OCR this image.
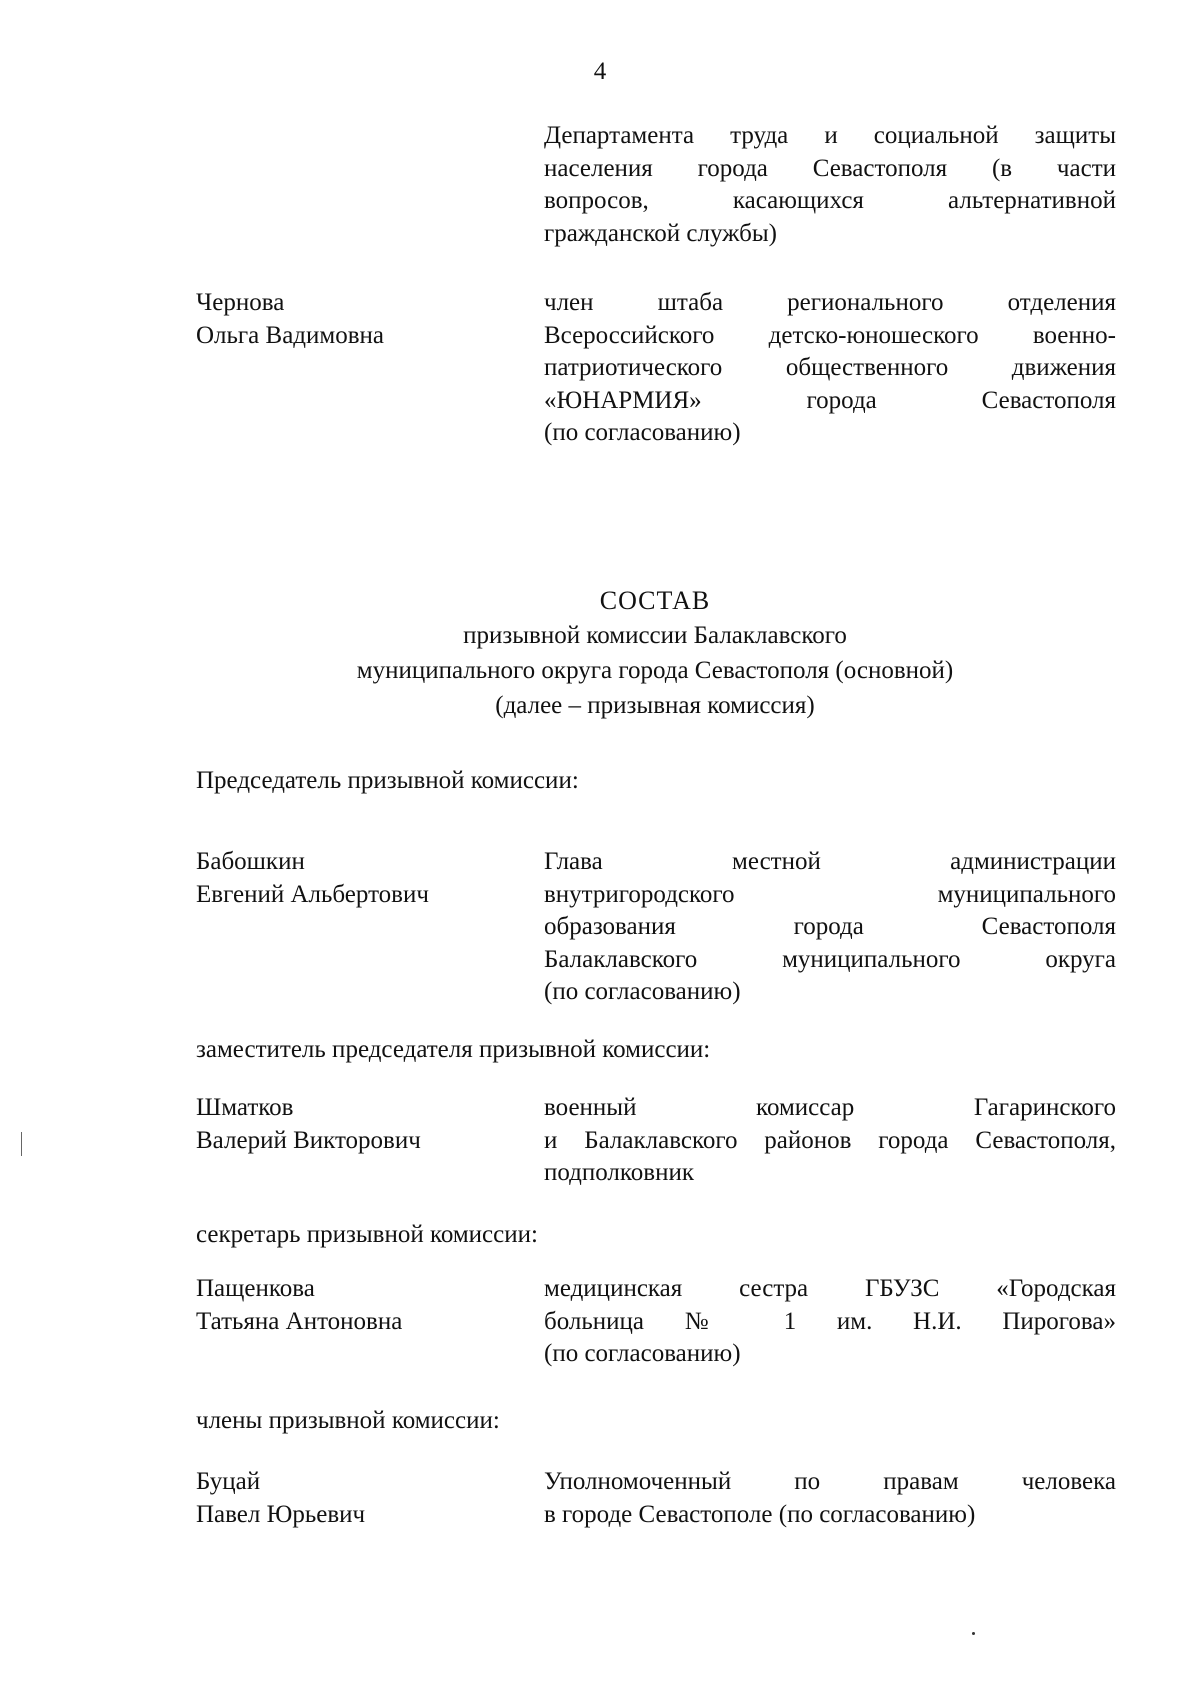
4
Департамента труда и социальной защиты
населения города Севастополя (в части
вопросов, касающихся альтернативной
гражданской службы)
Чернова
Ольга Вадимовна
член штаба регионального отделения
Всероссийского детско-юношеского военно-
патриотического общественного движения
«ЮНАРМИЯ» города Севастополя
(по согласованию)
СОСТАВ
призывной комиссии Балаклавского
муниципального округа города Севастополя (основной)
(далее – призывная комиссия)
Председатель призывной комиссии:
Бабошкин
Евгений Альбертович
Глава местной администрации
внутригородского муниципального
образования города Севастополя
Балаклавского муниципального округа
(по согласованию)
заместитель председателя призывной комиссии:
Шматков
Валерий Викторович
военный комиссар Гагаринского
и Балаклавского районов города Севастополя,
подполковник
секретарь призывной комиссии:
Пащенкова
Татьяна Антоновна
медицинская сестра ГБУЗС «Городская
больница № 1 им. Н.И. Пирогова»
(по согласованию)
члены призывной комиссии:
Буцай
Павел Юрьевич
Уполномоченный по правам человека
в городе Севастополе (по согласованию)
